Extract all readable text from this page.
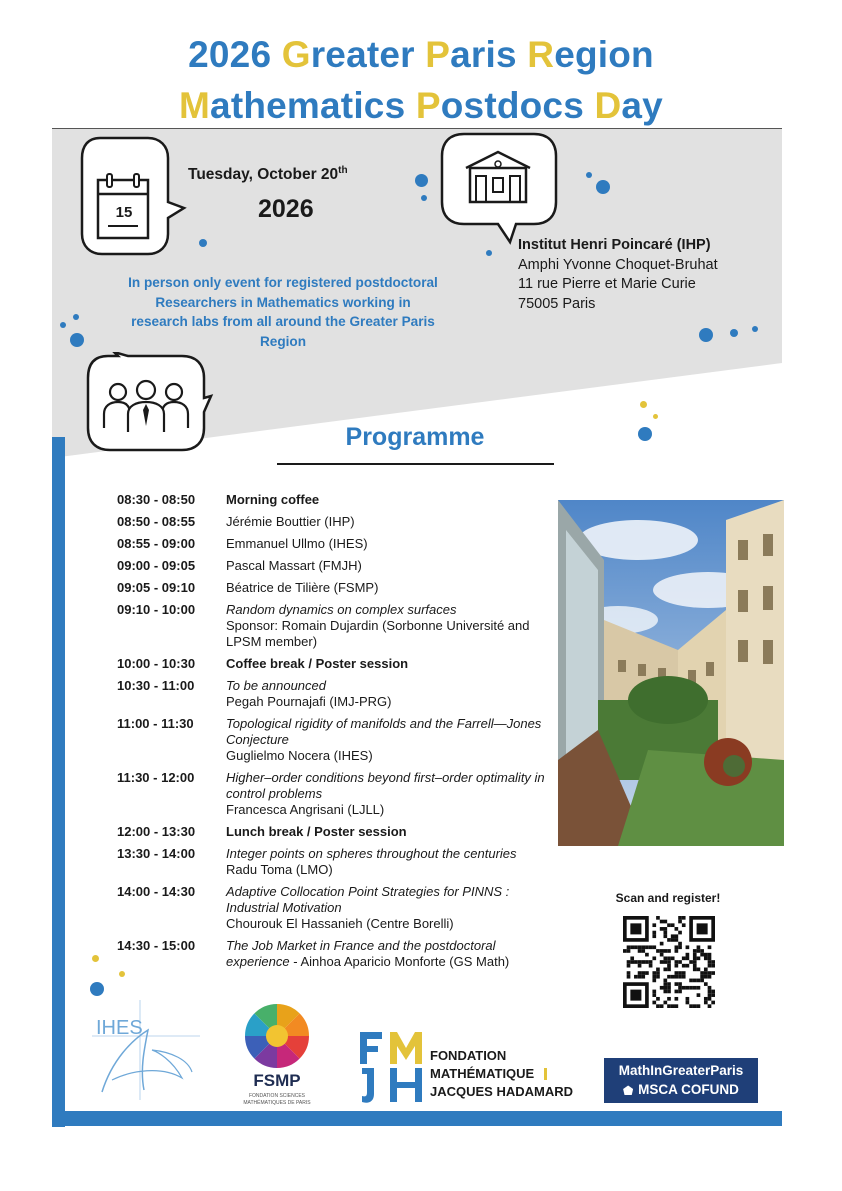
2026 Greater Paris Region
Mathematics Postdocs Day
15
Tuesday, October 20th
2026
Institut Henri Poincaré (IHP)
Amphi Yvonne Choquet-Bruhat
11 rue Pierre et Marie Curie
75005 Paris
In person only event for registered postdoctoral Researchers in Mathematics working in research labs from all around the Greater Paris Region
Programme
08:30 - 08:50	Morning coffee
08:50 - 08:55	Jérémie Bouttier (IHP)
08:55 - 09:00	Emmanuel Ullmo (IHES)
09:00 - 09:05	Pascal Massart (FMJH)
09:05 - 09:10	Béatrice de Tilière (FSMP)
09:10 - 10:00	Random dynamics on complex surfaces
Sponsor: Romain Dujardin (Sorbonne Université and LPSM member)
10:00 - 10:30	Coffee break / Poster session
10:30 - 11:00	To be announced
Pegah Pournajafi (IMJ-PRG)
11:00 - 11:30	Topological rigidity of manifolds and the Farrell—Jones Conjecture
Guglielmo Nocera (IHES)
11:30 - 12:00	Higher–order conditions beyond first–order optimality in control problems
Francesca Angrisani (LJLL)
12:00 - 13:30	Lunch break / Poster session
13:30 - 14:00	Integer points on spheres throughout the centuries
Radu Toma (LMO)
14:00 - 14:30	Adaptive Collocation Point Strategies for PINNS : Industrial Motivation
Chourouk El Hassanieh (Centre Borelli)
14:30 - 15:00	The Job Market in France and the postdoctoral experience - Ainhoa Aparicio Monforte (GS Math)
Scan and register!
IHES
FSMP
FONDATION SCIENCES
MATHÉMATIQUES DE PARIS
FONDATION
MATHÉMATIQUE
JACQUES HADAMARD
MathInGreaterParis
MSCA COFUND
